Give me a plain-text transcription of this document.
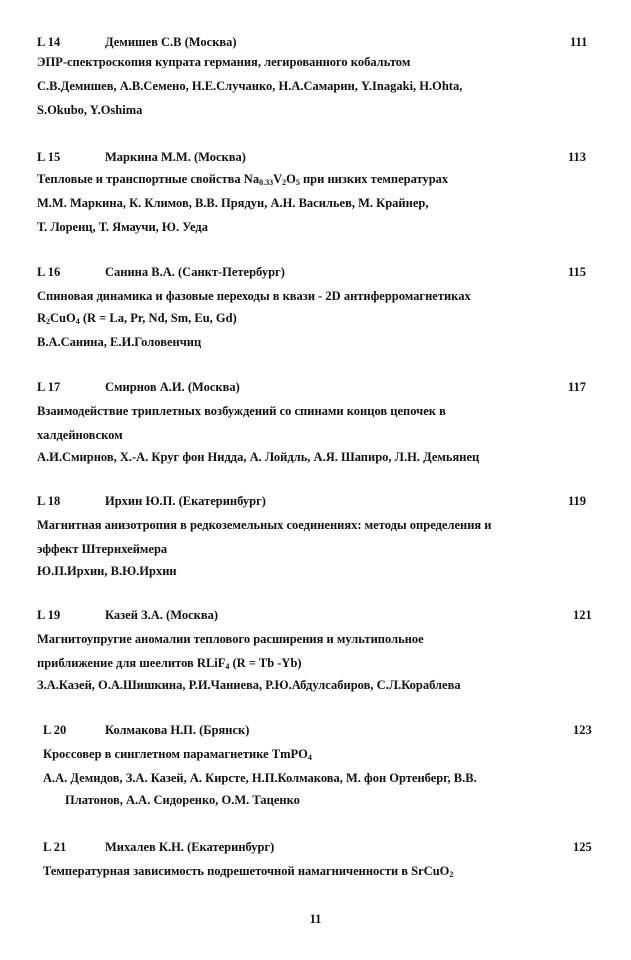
L 14	Демишев С.В (Москва)	111
ЭПР-спектроскопия купрата германия, легированного кобальтом
С.В.Демишев, А.В.Семено, Н.Е.Случанко, Н.А.Самарин, Y.Inagaki, H.Ohta,
S.Okubo, Y.Oshima
L 15	Маркина М.М. (Москва)	113
Тепловые и транспортные свойства $Na_{0.33}V_2O_5$ при низких температурах
М.М. Маркина, К. Климов, В.В. Прядун, А.Н. Васильев, М. Крайнер,
Т. Лоренц, Т. Ямаучи, Ю. Уеда
L 16	Санина В.А. (Санкт-Петербург)	115
Спиновая динамика и фазовые переходы в квази - 2D антиферромагнетиках
$R_2CuO_4$ (R = La, Pr, Nd, Sm, Eu, Gd)
В.А.Санина, Е.И.Головенчиц
L 17	Смирнов А.И. (Москва)	117
Взаимодействие триплетных возбуждений со спинами концов цепочек в
халдейновском
А.И.Смирнов, Х.-А. Круг фон Нидда, А. Лойдль, А.Я. Шапиро, Л.Н. Демьянец
L 18	Ирхин Ю.П. (Екатеринбург)	119
Магнитная анизотропия в редкоземельных соединениях: методы определения и
эффект Штернхеймера
Ю.П.Ирхин, В.Ю.Ирхин
L 19	Казей З.А. (Москва)	121
Магнитоупругие аномалии теплового расширения и мультипольное
приближение для шеелитов RLiF$_4$ (R = Tb -Yb)
З.А.Казей, О.А.Шишкина, Р.И.Чаниева, Р.Ю.Абдулсабиров, С.Л.Кораблева
L 20	Колмакова Н.П. (Брянск)	123
Кроссовер в синглетном парамагнетике TmPO$_4$
А.А. Демидов, З.А. Казей, А. Кирсте, Н.П.Колмакова, М. фон Ортенберг, В.В.
Платонов, А.А. Сидоренко, О.М. Таценко
L 21	Михалев К.Н. (Екатеринбург)	125
Температурная зависимость подрешеточной намагниченности в SrCuO$_2$
11
